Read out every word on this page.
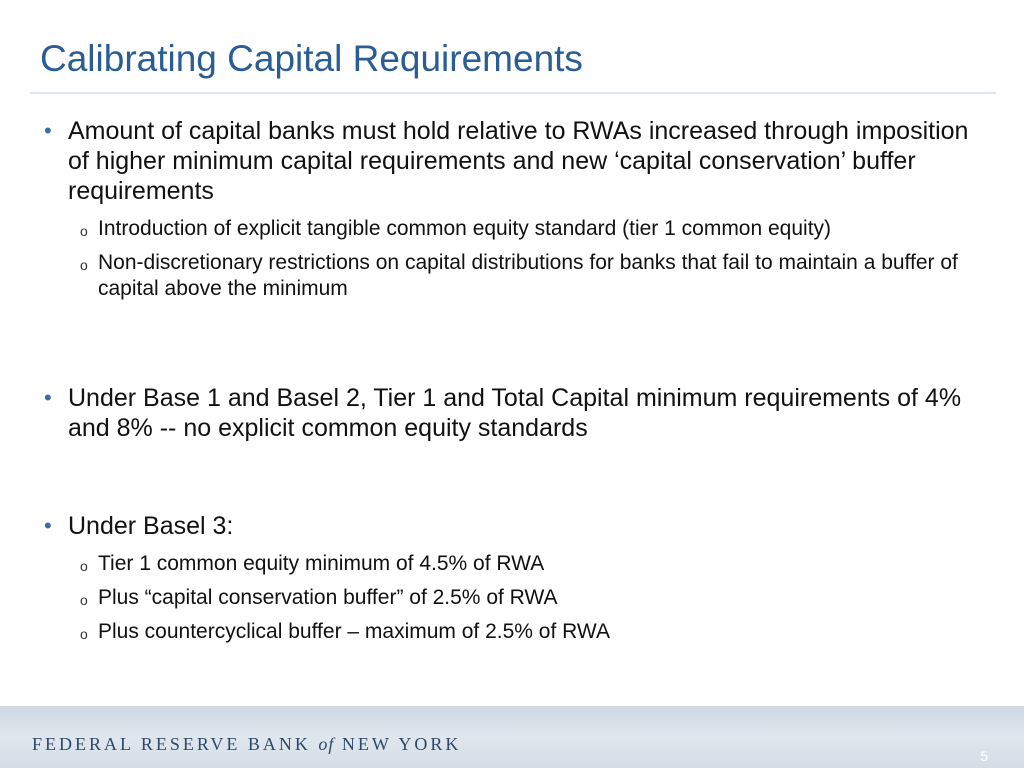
Calibrating Capital Requirements
• Amount of capital banks must hold relative to RWAs increased through imposition of higher minimum capital requirements and new ‘capital conservation’ buffer requirements
o Introduction of explicit tangible common equity standard (tier 1 common equity)
o Non-discretionary restrictions on capital distributions for banks that fail to maintain a buffer of capital above the minimum
• Under Base 1 and Basel 2, Tier 1 and Total Capital minimum requirements of 4% and 8% -- no explicit common equity standards
• Under Basel 3:
o Tier 1 common equity minimum of 4.5% of RWA
o Plus “capital conservation buffer” of 2.5% of RWA
o Plus countercyclical buffer – maximum of 2.5% of RWA
FEDERAL RESERVE BANK of NEW YORK
5
